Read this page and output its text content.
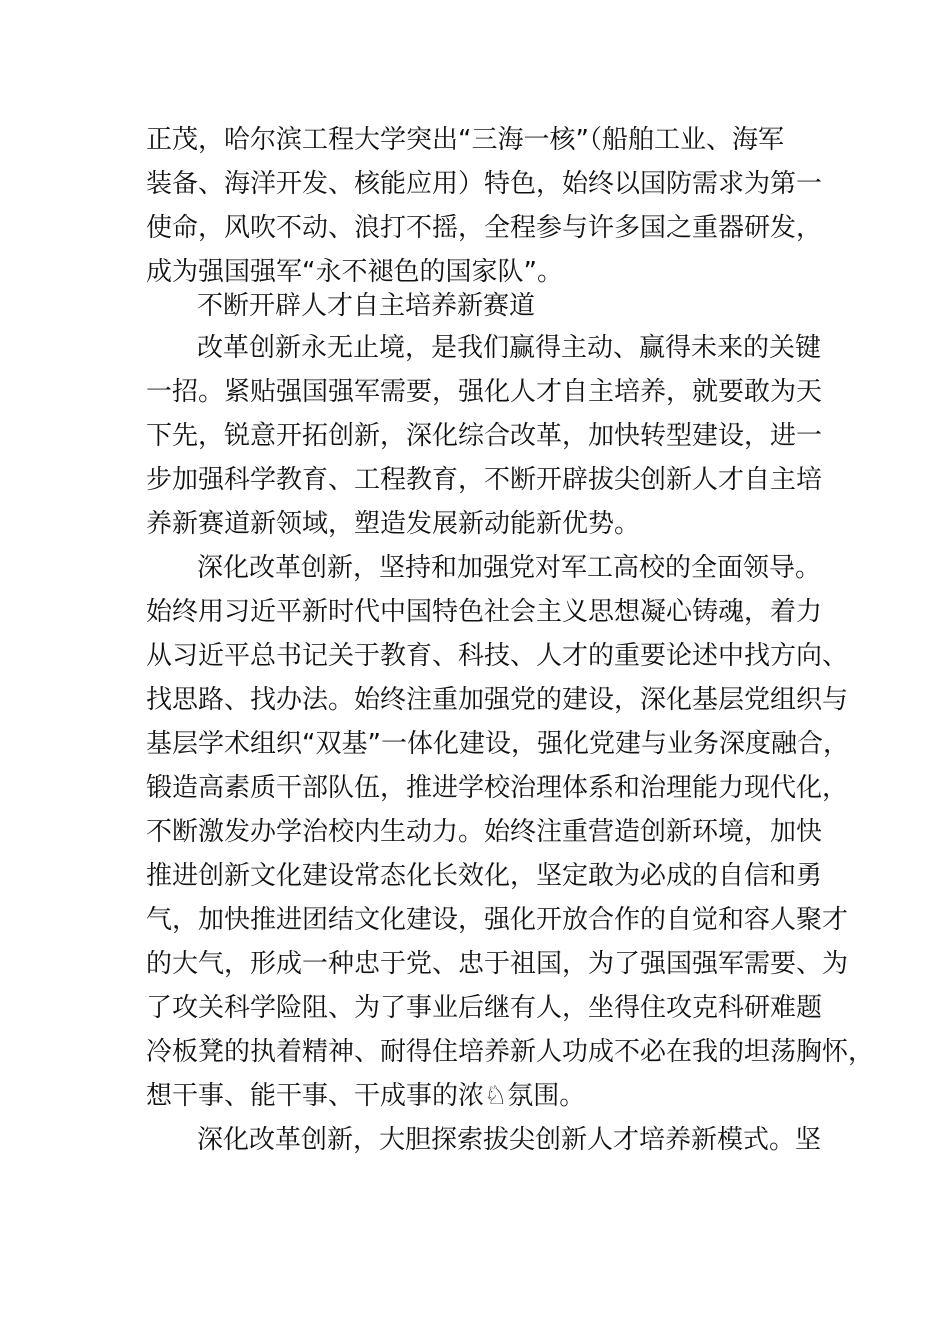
正茂，哈尔滨工程大学突出“三海一核”（船舶工业、海军
装备、海洋开发、核能应用）特色，始终以国防需求为第一
使命，风吹不动、浪打不摇，全程参与许多国之重器研发，
成为强国强军“永不褪色的国家队”。
不断开辟人才自主培养新赛道
改革创新永无止境，是我们赢得主动、赢得未来的关键
一招。紧贴强国强军需要，强化人才自主培养，就要敢为天
下先，锐意开拓创新，深化综合改革，加快转型建设，进一
步加强科学教育、工程教育，不断开辟拔尖创新人才自主培
养新赛道新领域，塑造发展新动能新优势。
深化改革创新，坚持和加强党对军工高校的全面领导。
始终用习近平新时代中国特色社会主义思想凝心铸魂，着力
从习近平总书记关于教育、科技、人才的重要论述中找方向、
找思路、找办法。始终注重加强党的建设，深化基层党组织与
基层学术组织“双基”一体化建设，强化党建与业务深度融合，
锻造高素质干部队伍，推进学校治理体系和治理能力现代化，
不断激发办学治校内生动力。始终注重营造创新环境，加快
推进创新文化建设常态化长效化，坚定敢为必成的自信和勇
气，加快推进团结文化建设，强化开放合作的自觉和容人聚才
的大气，形成一种忠于党、忠于祖国，为了强国强军需要、为
了攻关科学险阻、为了事业后继有人，坐得住攻克科研难题
冷板凳的执着精神、耐得住培养新人功成不必在我的坦荡胸怀，
想干事、能干事、干成事的浓♘氛围。
深化改革创新，大胆探索拔尖创新人才培养新模式。坚
